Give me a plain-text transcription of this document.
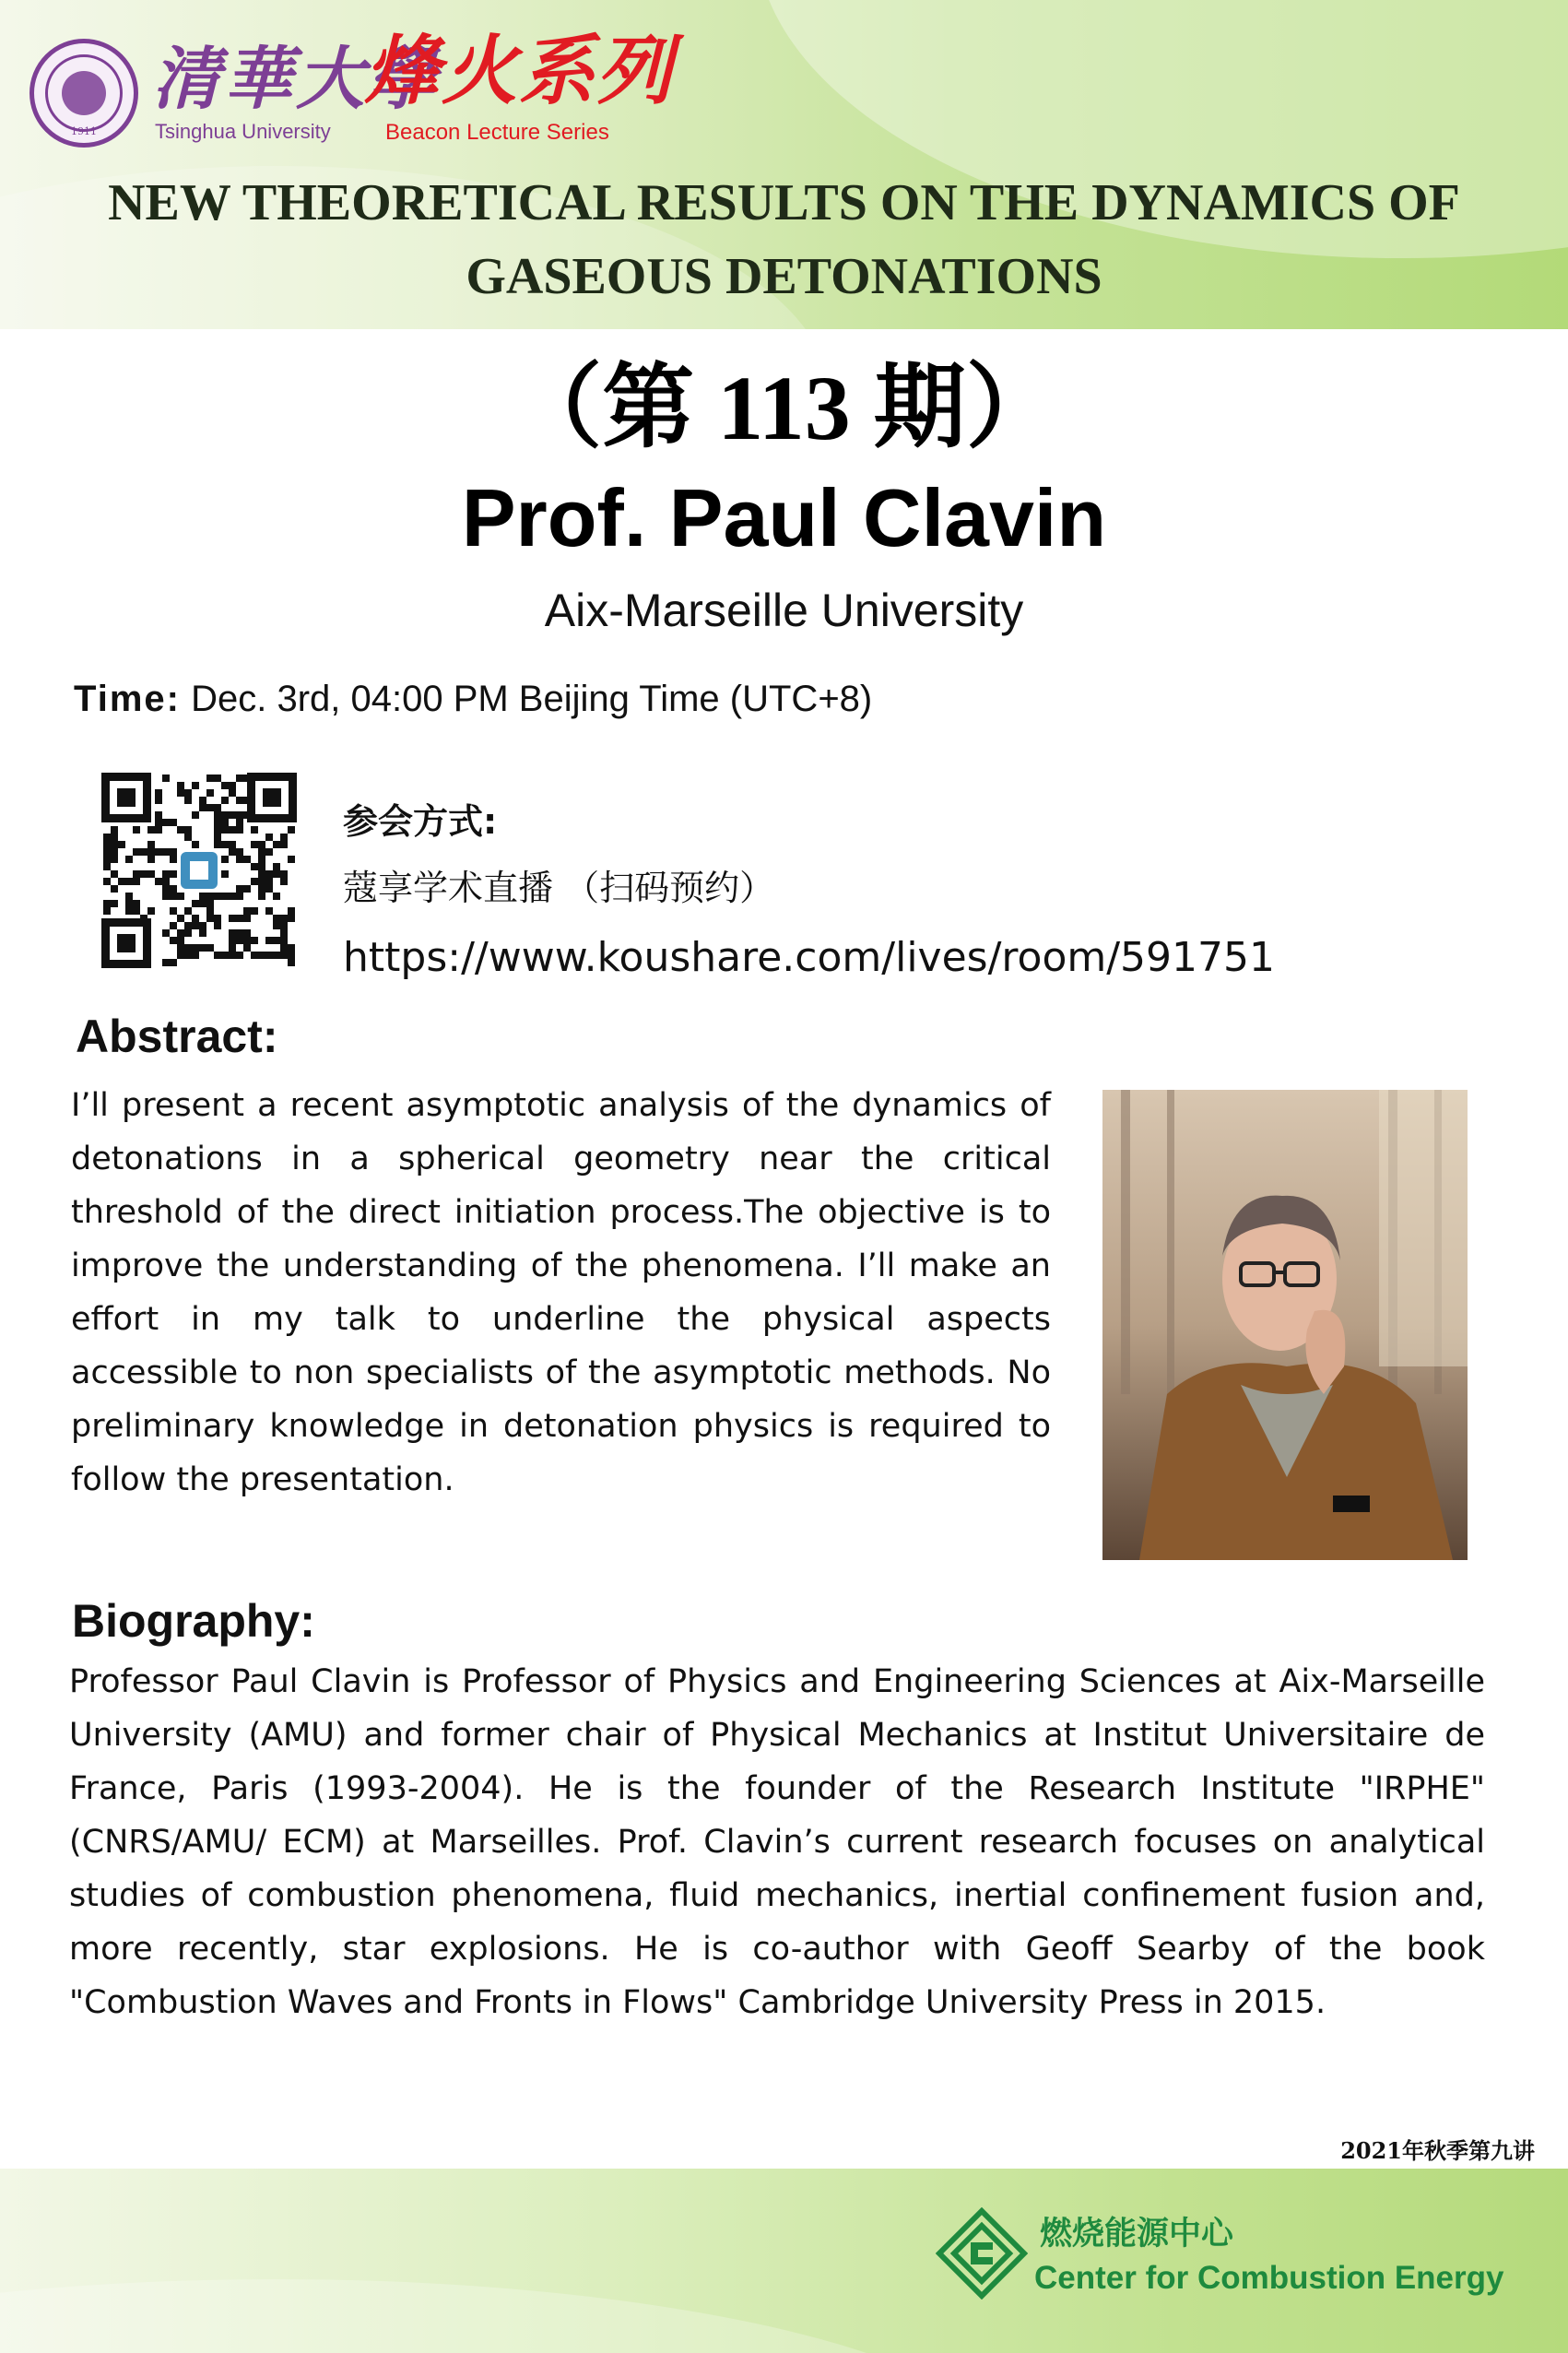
1911
清華大學
Tsinghua University
烽火系列
Beacon Lecture Series
NEW THEORETICAL RESULTS ON THE DYNAMICS OF
GASEOUS DETONATIONS
（第 113 期）
Prof. Paul Clavin
Aix-Marseille University
Time: Dec. 3rd, 04:00 PM Beijing Time (UTC+8)
参会方式:
蔻享学术直播 （扫码预约）
https://www.koushare.com/lives/room/591751
Abstract:
I’ll present a recent asymptotic analysis of the dynamics of detonations in a spherical geometry near the critical threshold of the direct initiation process.The objective is to improve the understanding of the phenomena. I’ll make an effort in my talk to underline the physical aspects accessible to non specialists of the asymptotic methods. No preliminary knowledge in detonation physics is required to follow the presentation.
Biography:
Professor Paul Clavin is Professor of Physics and Engineering Sciences at Aix-Marseille University (AMU) and former chair of Physical Mechanics at Institut Universitaire de France, Paris (1993-2004). He is the founder of the Research Institute "IRPHE" (CNRS/AMU/ ECM) at Marseilles. Prof. Clavin’s current research focuses on analytical studies of combustion phenomena, fluid mechanics, inertial confinement fusion and, more recently, star explosions. He is co-author with Geoff Searby of the book "Combustion Waves and Fronts in Flows" Cambridge University Press in 2015.
2021年秋季第九讲
燃烧能源中心
Center for Combustion Energy
